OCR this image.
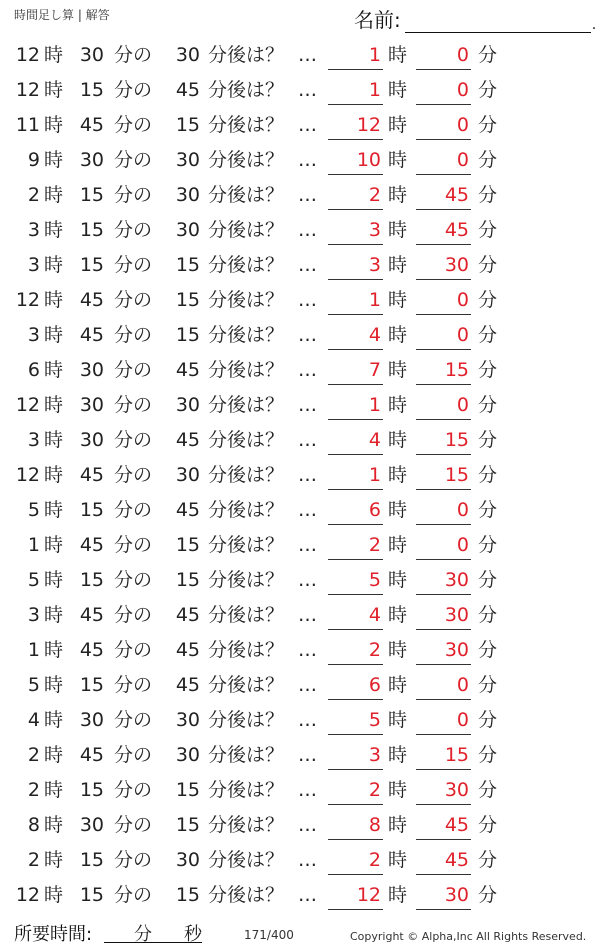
時間足し算 | 解答	名前:	.
12 時 30 分の	30 分後は？ …	1 時	0 分
12 時 15 分の	45 分後は？ …	1 時	0 分
11 時 45 分の	15 分後は？ …	12 時	0 分
9 時 30 分の	30 分後は？ …	10 時	0 分
2 時 15 分の	30 分後は？ …	2 時	45 分
3 時 15 分の	30 分後は？ …	3 時	45 分
3 時 15 分の	15 分後は？ …	3 時	30 分
12 時 45 分の	15 分後は？ …	1 時	0 分
3 時 45 分の	15 分後は？ …	4 時	0 分
6 時 30 分の	45 分後は？ …	7 時	15 分
12 時 30 分の	30 分後は？ …	1 時	0 分
3 時 30 分の	45 分後は？ …	4 時	15 分
12 時 45 分の	30 分後は？ …	1 時	15 分
5 時 15 分の	45 分後は？ …	6 時	0 分
1 時 45 分の	15 分後は？ …	2 時	0 分
5 時 15 分の	15 分後は？ …	5 時	30 分
3 時 45 分の	45 分後は？ …	4 時	30 分
1 時 45 分の	45 分後は？ …	2 時	30 分
5 時 15 分の	45 分後は？ …	6 時	0 分
4 時 30 分の	30 分後は？ …	5 時	0 分
2 時 45 分の	30 分後は？ …	3 時	15 分
2 時 15 分の	15 分後は？ …	2 時	30 分
8 時 30 分の	15 分後は？ …	8 時	45 分
2 時 15 分の	30 分後は？ …	2 時	45 分
12 時 15 分の	15 分後は？ …	12 時	30 分
所要時間: 分 秒	171/400	Copyright © Alpha,Inc All Rights Reserved.
